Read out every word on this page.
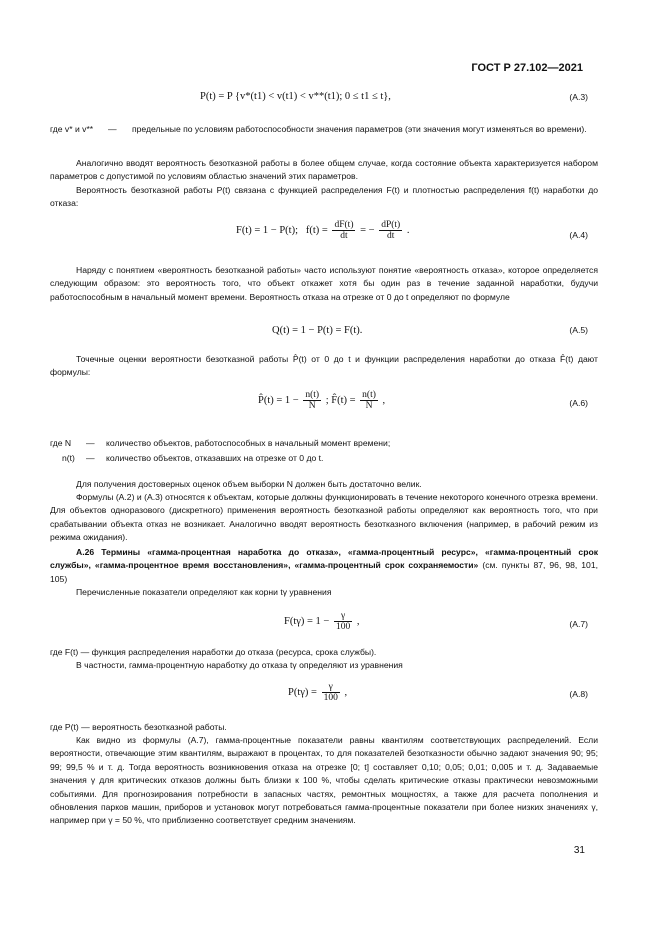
ГОСТ Р 27.102—2021
P(t) = P {v*(t1) < v(t1) < v**(t1); 0 ≤ t1 ≤ t},	(A.3)
где v* и v** — предельные по условиям работоспособности значения параметров (эти значения могут изменяться во времени).

Аналогично вводят вероятность безотказной работы в более общем случае, когда состояние объекта характеризуется набором параметров с допустимой по условиям областью значений этих параметров.

Вероятность безотказной работы P(t) связана с функцией распределения F(t) и плотностью распределения f(t) наработки до отказа:

F(t) = 1 − P(t); $f(t) = \frac{dF(t)}{dt}$ = − $\frac{dP(t)}{dt}$ .	(A.4)

Наряду с понятием «вероятность безотказной работы» часто используют понятие «вероятность отказа», которое определяется следующим образом: это вероятность того, что объект откажет хотя бы один раз в течение заданной наработки, будучи работоспособным в начальный момент времени. Вероятность отказа на отрезке от 0 до t определяют по формуле

Q(t) = 1 − P(t) = F(t).	(A.5)

Точечные оценки вероятности безотказной работы P̂(t) от 0 до t и функции распределения наработки до отказа F̂(t) дают формулы:

P̂(t) = $1 - \frac{n(t)}{N}$ ; F̂(t) = $\frac{n(t)}{N}$ ,	(A.6)
где N — количество объектов, работоспособных в начальный момент времени;
n(t) — количество объектов, отказавших на отрезке от 0 до t.

Для получения достоверных оценок объем выборки N должен быть достаточно велик.

Формулы (А.2) и (А.3) относятся к объектам, которые должны функционировать в течение некоторого конечного отрезка времени. Для объектов одноразового (дискретного) применения вероятность безотказной работы определяют как вероятность того, что при срабатывании объекта отказ не возникает. Аналогично вводят вероятность безотказного включения (например, в рабочий режим из режима ожидания).

А.26 Термины «гамма-процентная наработка до отказа», «гамма-процентный ресурс», «гамма-процентный срок службы», «гамма-процентное время восстановления», «гамма-процентный срок сохраняемости» (см. пункты 87, 96, 98, 101, 105)

Перечисленные показатели определяют как корни tγ уравнения

$F(t\gamma) = 1 - \frac{\gamma}{100}$ ,	(A.7)

где F(t) — функция распределения наработки до отказа (ресурса, срока службы).

В частности, гамма-процентную наработку до отказа tγ определяют из уравнения

$P(t\gamma) = \frac{\gamma}{100}$ ,	(A.8)

где P(t) — вероятность безотказной работы.

Как видно из формулы (А.7), гамма-процентные показатели равны квантилям соответствующих распределений. Если вероятности, отвечающие этим квантилям, выражают в процентах, то для показателей безотказности обычно задают значения 90; 95; 99; 99,5 % и т. д. Тогда вероятность возникновения отказа на отрезке [0; t] составляет 0,10; 0,05; 0,01; 0,005 и т. д. Задаваемые значения γ для критических отказов должны быть близки к 100 %, чтобы сделать критические отказы практически невозможными событиями. Для прогнозирования потребности в запасных частях, ремонтных мощностях, а также для расчета пополнения и обновления парков машин, приборов и установок могут потребоваться гамма-процентные показатели при более низких значениях γ, например при γ = 50 %, что приблизенно соответствует средним значениям.

31
